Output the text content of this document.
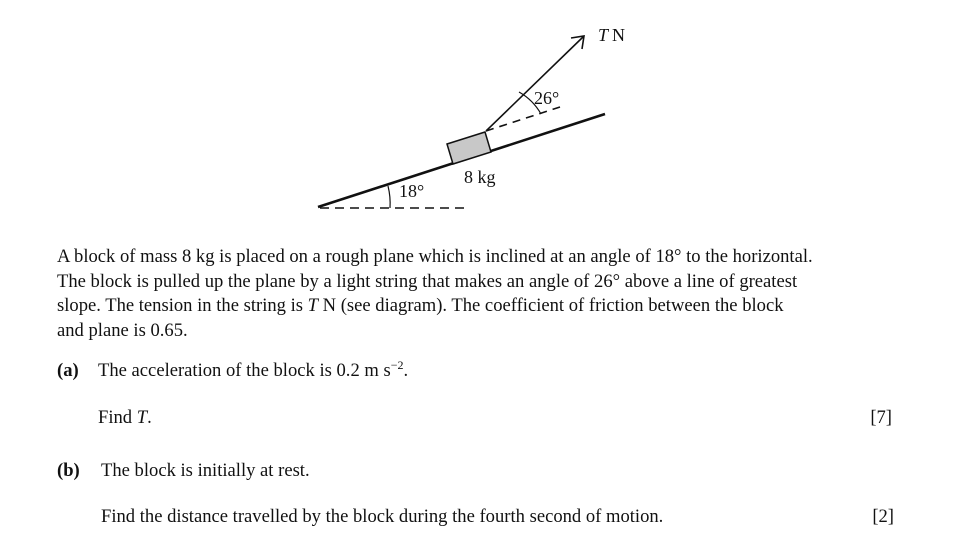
18°
8 kg
26°
T N
A block of mass 8 kg is placed on a rough plane which is inclined at an angle of 18° to the horizontal.
The block is pulled up the plane by a light string that makes an angle of 26° above a line of greatest
slope. The tension in the string is T N (see diagram). The coefficient of friction between the block
and plane is 0.65.
(a) The acceleration of the block is 0.2 m $s^{-2}$.
Find T.	[7]
(b) The block is initially at rest.
Find the distance travelled by the block during the fourth second of motion.	[2]
